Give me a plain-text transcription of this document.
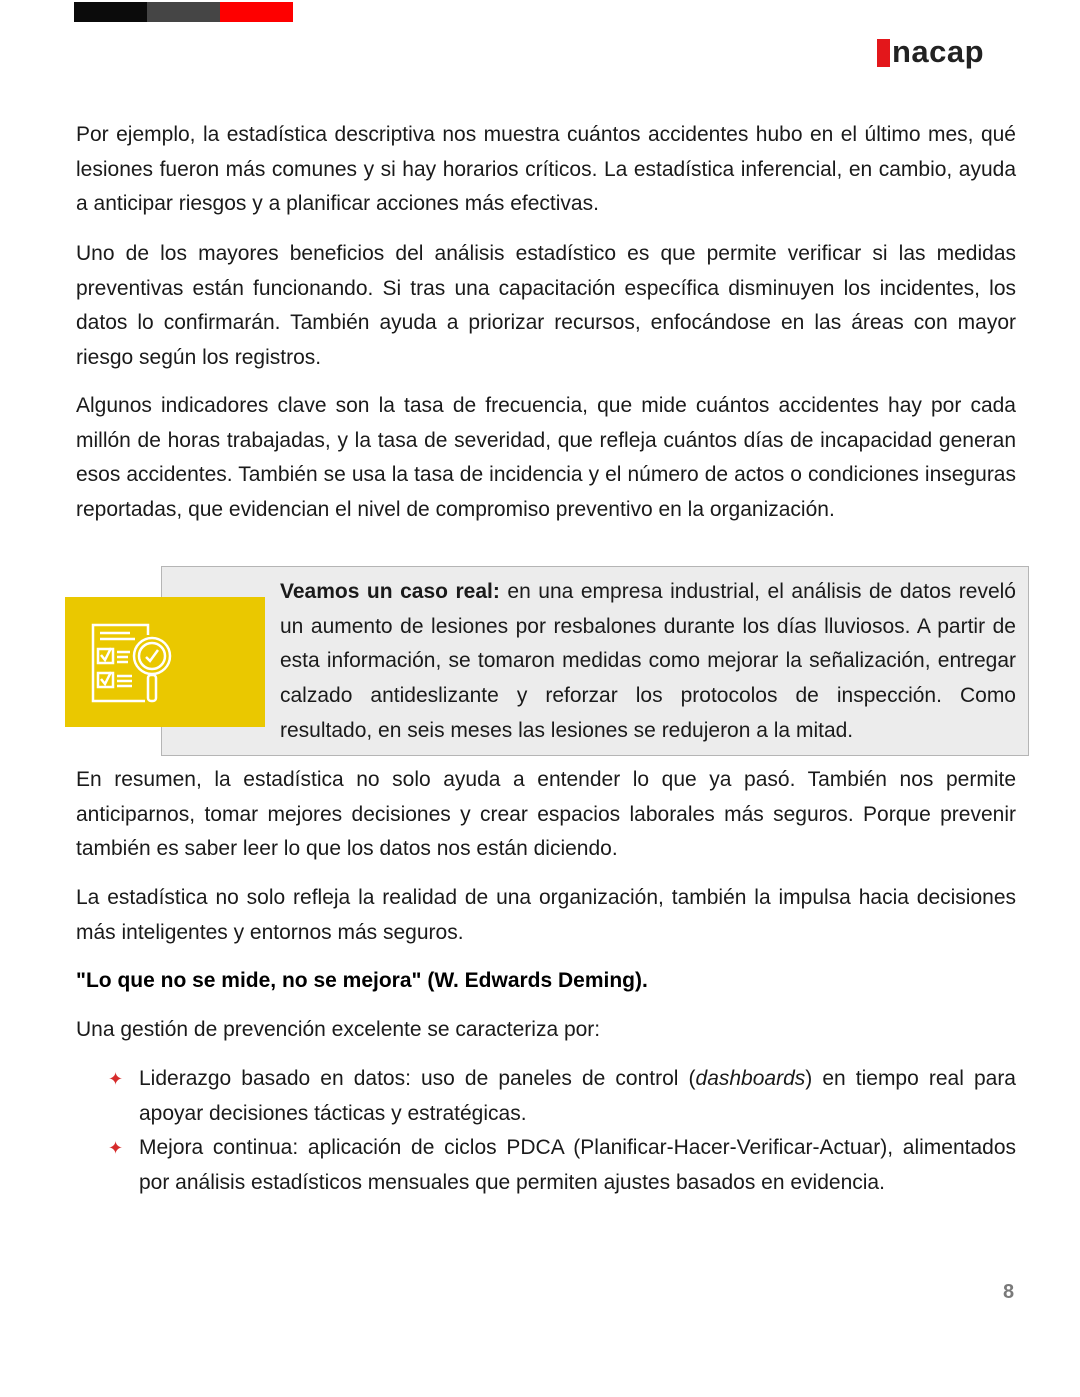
nacap

Por ejemplo, la estadística descriptiva nos muestra cuántos accidentes hubo en el último mes, qué lesiones fueron más comunes y si hay horarios críticos. La estadística inferencial, en cambio, ayuda a anticipar riesgos y a planificar acciones más efectivas.

Uno de los mayores beneficios del análisis estadístico es que permite verificar si las medidas preventivas están funcionando. Si tras una capacitación específica disminuyen los incidentes, los datos lo confirmarán. También ayuda a priorizar recursos, enfocándose en las áreas con mayor riesgo según los registros.

Algunos indicadores clave son la tasa de frecuencia, que mide cuántos accidentes hay por cada millón de horas trabajadas, y la tasa de severidad, que refleja cuántos días de incapacidad generan esos accidentes. También se usa la tasa de incidencia y el número de actos o condiciones inseguras reportadas, que evidencian el nivel de compromiso preventivo en la organización.

Veamos un caso real: en una empresa industrial, el análisis de datos reveló un aumento de lesiones por resbalones durante los días lluviosos. A partir de esta información, se tomaron medidas como mejorar la señalización, entregar calzado antideslizante y reforzar los protocolos de inspección. Como resultado, en seis meses las lesiones se redujeron a la mitad.

En resumen, la estadística no solo ayuda a entender lo que ya pasó. También nos permite anticiparnos, tomar mejores decisiones y crear espacios laborales más seguros. Porque prevenir también es saber leer lo que los datos nos están diciendo.

La estadística no solo refleja la realidad de una organización, también la impulsa hacia decisiones más inteligentes y entornos más seguros.

"Lo que no se mide, no se mejora" (W. Edwards Deming).

Una gestión de prevención excelente se caracteriza por:

✦ Liderazgo basado en datos: uso de paneles de control (dashboards) en tiempo real para apoyar decisiones tácticas y estratégicas.
✦ Mejora continua: aplicación de ciclos PDCA (Planificar-Hacer-Verificar-Actuar), alimentados por análisis estadísticos mensuales que permiten ajustes basados en evidencia.
8
